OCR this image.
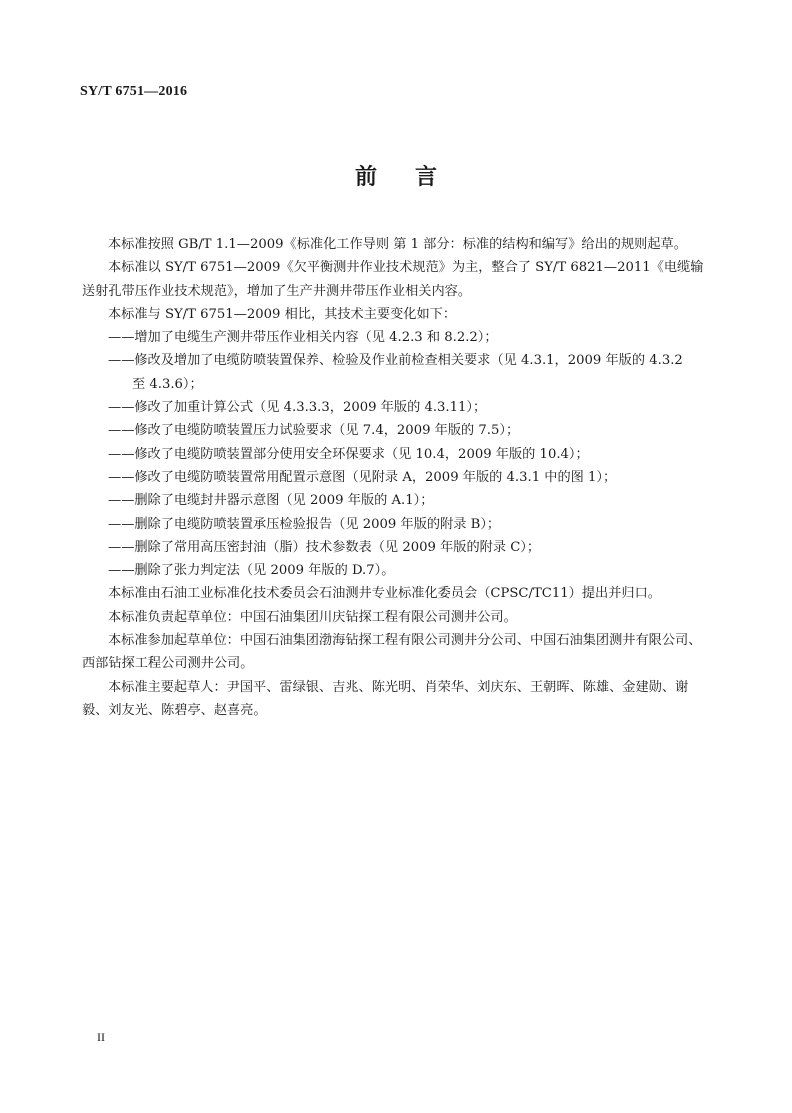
SY/T 6751—2016
前言

本标准按照 GB/T 1.1—2009《标准化工作导则 第 1 部分：标准的结构和编写》给出的规则起草。

本标准以 SY/T 6751—2009《欠平衡测井作业技术规范》为主，整合了 SY/T 6821—2011《电缆输送射孔带压作业技术规范》，增加了生产井测井带压作业相关内容。

本标准与 SY/T 6751—2009 相比，其技术主要变化如下：

——增加了电缆生产测井带压作业相关内容（见 4.2.3 和 8.2.2）；

——修改及增加了电缆防喷装置保养、检验及作业前检查相关要求（见 4.3.1，2009 年版的 4.3.2

至 4.3.6）；

——修改了加重计算公式（见 4.3.3.3，2009 年版的 4.3.11）；

——修改了电缆防喷装置压力试验要求（见 7.4，2009 年版的 7.5）；

——修改了电缆防喷装置部分使用安全环保要求（见 10.4，2009 年版的 10.4）；

——修改了电缆防喷装置常用配置示意图（见附录 A，2009 年版的 4.3.1 中的图 1）；

——删除了电缆封井器示意图（见 2009 年版的 A.1）；

——删除了电缆防喷装置承压检验报告（见 2009 年版的附录 B）；

——删除了常用高压密封油（脂）技术参数表（见 2009 年版的附录 C）；

——删除了张力判定法（见 2009 年版的 D.7）。

本标准由石油工业标准化技术委员会石油测井专业标准化委员会（CPSC/TC11）提出并归口。

本标准负责起草单位：中国石油集团川庆钻探工程有限公司测井公司。

本标准参加起草单位：中国石油集团渤海钻探工程有限公司测井分公司、中国石油集团测井有限公司、西部钻探工程公司测井公司。

本标准主要起草人：尹国平、雷绿银、吉兆、陈光明、肖荣华、刘庆东、王朝晖、陈雄、金建勋、谢毅、刘友光、陈碧亭、赵喜亮。

II
